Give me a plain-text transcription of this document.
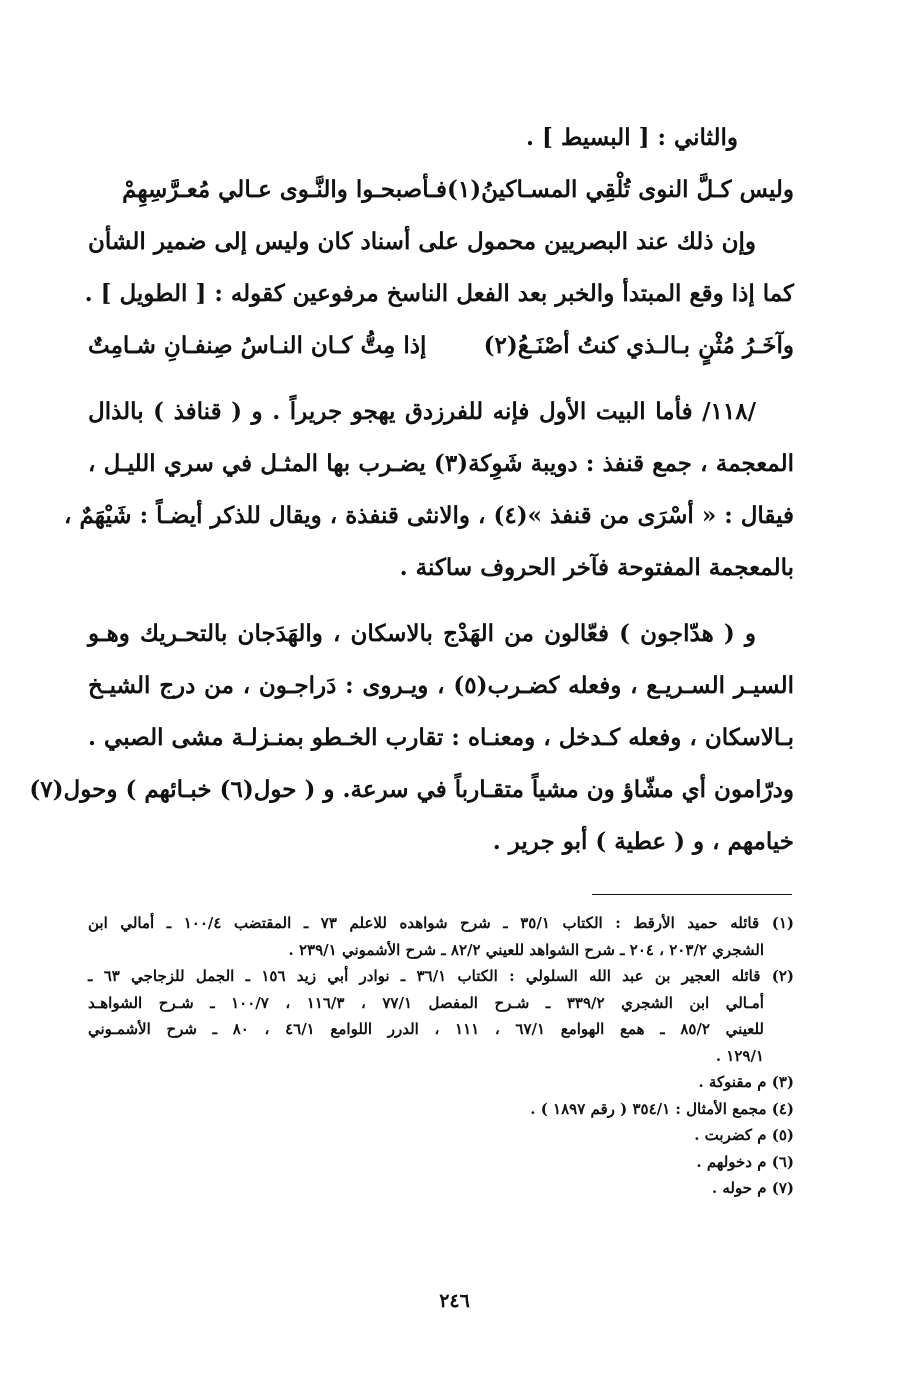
والثاني : [ البسيط ] .
وليس كـلَّ النوى تُلْقِي المسـاكينُ(١)
فـأصبحـوا والنَّـوى عـالي مُعـرَّسِهِمْ
وإن ذلك عند البصريين محمول على أسناد كان وليس إلى ضمير الشأن
كما إذا وقع المبتدأ والخبر بعد الفعل الناسخ مرفوعين كقوله : [ الطويل ] .
وآخَـرُ مُثْنٍ بـالـذي كنتُ أصْنَـعُ(٢)
إذا مِتُّ كـان النـاسُ صِنفـانِ شـامِتٌ
/١١٨/ فأما البيت الأول فإنه للفرزدق يهجو جريراً . و ( قنافذ ) بالذال
المعجمة ، جمع قنفذ : دويبة شَوِكة(٣) يضـرب بها المثـل في سري الليـل ،
فيقال : « أسْرَى من قنفذ »(٤) ، والانثى قنفذة ، ويقال للذكر أيضـاً : شَيْهَمٌ ،
بالمعجمة المفتوحة فآخر الحروف ساكنة .
و ( هدّاجون ) فعّالون من الهَدْج بالاسكان ، والهَدَجان بالتحـريك وهـو
السيـر السـريـع ، وفعله كضـرب(٥) ، ويـروى : دَراجـون ، من درج الشيـخ
بـالاسكان ، وفعله كـدخل ، ومعنـاه : تقارب الخـطو بمنـزلـة مشى الصبي .
ودرّامون أي مشّاؤ ون مشياً متقـارباً في سرعة. و ( حول(٦) خبـائهم ) وحول(٧)
خيامهم ، و ( عطية ) أبو جرير .
(١) قائله حميد الأرقط : الكتاب ٣٥/١ ـ شرح شواهده للاعلم ٧٣ ـ المقتضب ١٠٠/٤ ـ أمالي ابن
الشجري ٢٠٣/٢ ، ٢٠٤ ـ شرح الشواهد للعيني ٨٢/٢ ـ شرح الأشموني ٢٣٩/١ .
(٢) قائله العجير بن عبد الله السلولي : الكتاب ٣٦/١ ـ نوادر أبي زيد ١٥٦ ـ الجمل للزجاجي ٦٣ ـ
أمـالي ابن الشجري ٣٣٩/٢ ـ شـرح المفصل ٧٧/١ ، ١١٦/٣ ، ١٠٠/٧ ـ شـرح الشواهـد
للعيني ٨٥/٢ ـ همع الهوامع ٦٧/١ ، ١١١ ، الدرر اللوامع ٤٦/١ ، ٨٠ ـ شرح الأشمـوني
١٢٩/١ .
(٣) م مقنوكة .
(٤) مجمع الأمثال : ٣٥٤/١ ( رقم ١٨٩٧ ) .
(٥) م كضربت .
(٦) م دخولهم .
(٧) م حوله .
٢٤٦
